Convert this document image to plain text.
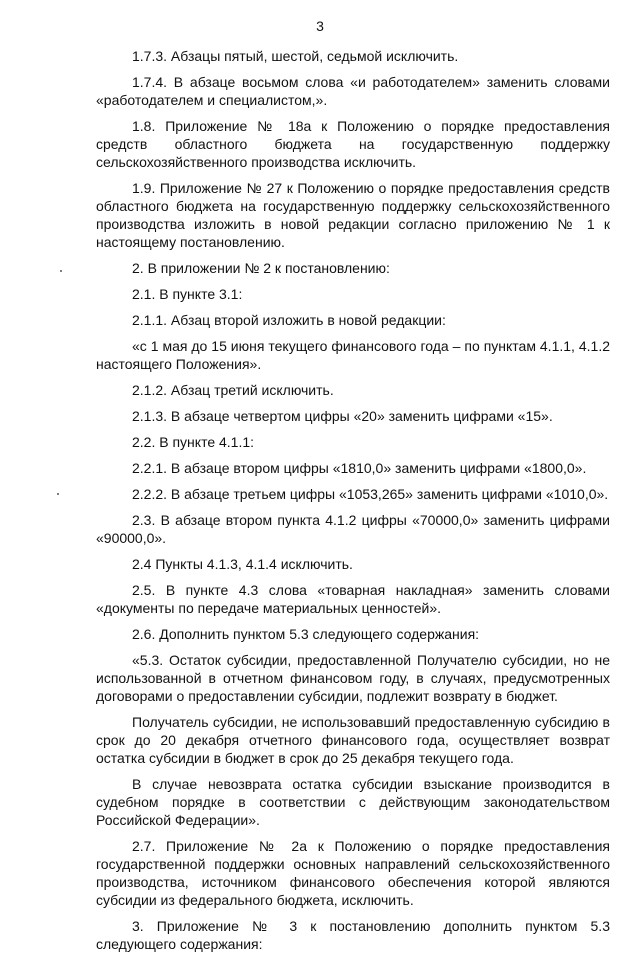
3

1.7.3. Абзацы пятый, шестой, седьмой исключить.

1.7.4. В абзаце восьмом слова «и работодателем» заменить словами «работодателем и специалистом,».

1.8. Приложение № 18а к Положению о порядке предоставления средств областного бюджета на государственную поддержку сельскохозяйственного производства исключить.

1.9. Приложение № 27 к Положению о порядке предоставления средств областного бюджета на государственную поддержку сельскохозяйственного производства изложить в новой редакции согласно приложению № 1 к настоящему постановлению.

2. В приложении № 2 к постановлению:

2.1. В пункте 3.1:

2.1.1. Абзац второй изложить в новой редакции:

«с 1 мая до 15 июня текущего финансового года – по пунктам 4.1.1, 4.1.2 настоящего Положения».

2.1.2. Абзац третий исключить.

2.1.3. В абзаце четвертом цифры «20» заменить цифрами «15».

2.2. В пункте 4.1.1:

2.2.1. В абзаце втором цифры «1810,0» заменить цифрами «1800,0».

2.2.2. В абзаце третьем цифры «1053,265» заменить цифрами «1010,0».

2.3. В абзаце втором пункта 4.1.2 цифры «70000,0» заменить цифрами «90000,0».

2.4 Пункты 4.1.3, 4.1.4 исключить.

2.5. В пункте 4.3 слова «товарная накладная» заменить словами «документы по передаче материальных ценностей».

2.6. Дополнить пунктом 5.3 следующего содержания:

«5.3. Остаток субсидии, предоставленной Получателю субсидии, но не использованной в отчетном финансовом году, в случаях, предусмотренных договорами о предоставлении субсидии, подлежит возврату в бюджет.

Получатель субсидии, не использовавший предоставленную субсидию в срок до 20 декабря отчетного финансового года, осуществляет возврат остатка субсидии в бюджет в срок до 25 декабря текущего года.

В случае невозврата остатка субсидии взыскание производится в судебном порядке в соответствии с действующим законодательством Российской Федерации».

2.7. Приложение № 2а к Положению о порядке предоставления государственной поддержки основных направлений сельскохозяйственного производства, источником финансового обеспечения которой являются субсидии из федерального бюджета, исключить.

3. Приложение № 3 к постановлению дополнить пунктом 5.3 следующего содержания:
